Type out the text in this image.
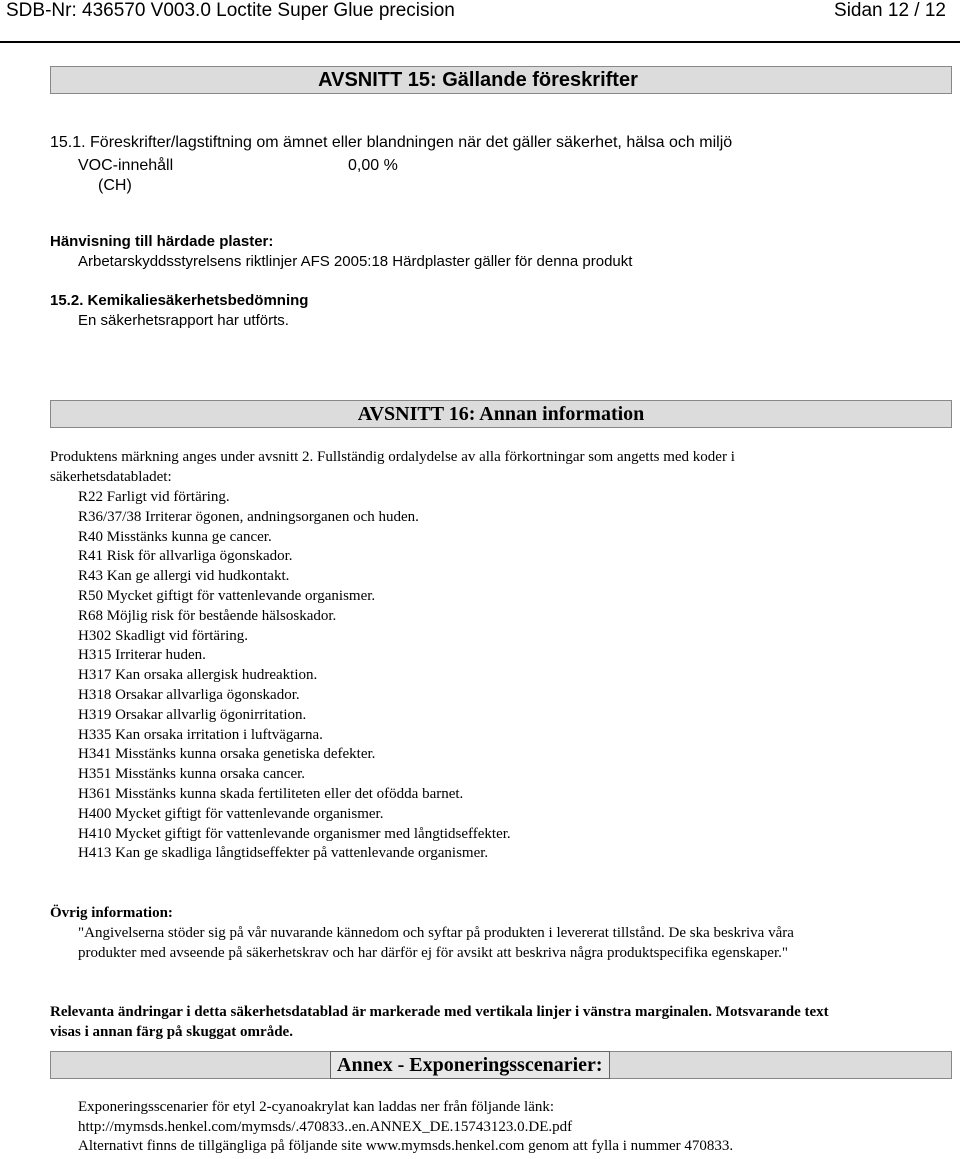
SDB-Nr: 436570 V003.0 Loctite Super Glue precision	Sidan 12 / 12
AVSNITT 15: Gällande föreskrifter
15.1. Föreskrifter/lagstiftning om ämnet eller blandningen när det gäller säkerhet, hälsa och miljö
VOC-innehåll	0,00 %
(CH)
Hänvisning till härdade plaster:
Arbetarskyddsstyrelsens riktlinjer AFS 2005:18 Härdplaster gäller för denna produkt
15.2. Kemikaliesäkerhetsbedömning
En säkerhetsrapport har utförts.
AVSNITT 16: Annan information
Produktens märkning anges under avsnitt 2. Fullständig ordalydelse av alla förkortningar som angetts med koder i
säkerhetsdatabladet:
R22 Farligt vid förtäring.
R36/37/38 Irriterar ögonen, andningsorganen och huden.
R40 Misstänks kunna ge cancer.
R41 Risk för allvarliga ögonskador.
R43 Kan ge allergi vid hudkontakt.
R50 Mycket giftigt för vattenlevande organismer.
R68 Möjlig risk för bestående hälsoskador.
H302 Skadligt vid förtäring.
H315 Irriterar huden.
H317 Kan orsaka allergisk hudreaktion.
H318 Orsakar allvarliga ögonskador.
H319 Orsakar allvarlig ögonirritation.
H335 Kan orsaka irritation i luftvägarna.
H341 Misstänks kunna orsaka genetiska defekter.
H351 Misstänks kunna orsaka cancer.
H361 Misstänks kunna skada fertiliteten eller det ofödda barnet.
H400 Mycket giftigt för vattenlevande organismer.
H410 Mycket giftigt för vattenlevande organismer med långtidseffekter.
H413 Kan ge skadliga långtidseffekter på vattenlevande organismer.
Övrig information:
"Angivelserna stöder sig på vår nuvarande kännedom och syftar på produkten i levererat tillstånd. De ska beskriva våra
produkter med avseende på säkerhetskrav och har därför ej för avsikt att beskriva några produktspecifika egenskaper."
Relevanta ändringar i detta säkerhetsdatablad är markerade med vertikala linjer i vänstra marginalen. Motsvarande text
visas i annan färg på skuggat område.
Annex - Exponeringsscenarier:
Exponeringsscenarier för etyl 2-cyanoakrylat kan laddas ner från följande länk:
http://mymsds.henkel.com/mymsds/.470833..en.ANNEX_DE.15743123.0.DE.pdf
Alternativt finns de tillgängliga på följande site www.mymsds.henkel.com genom att fylla i nummer 470833.
